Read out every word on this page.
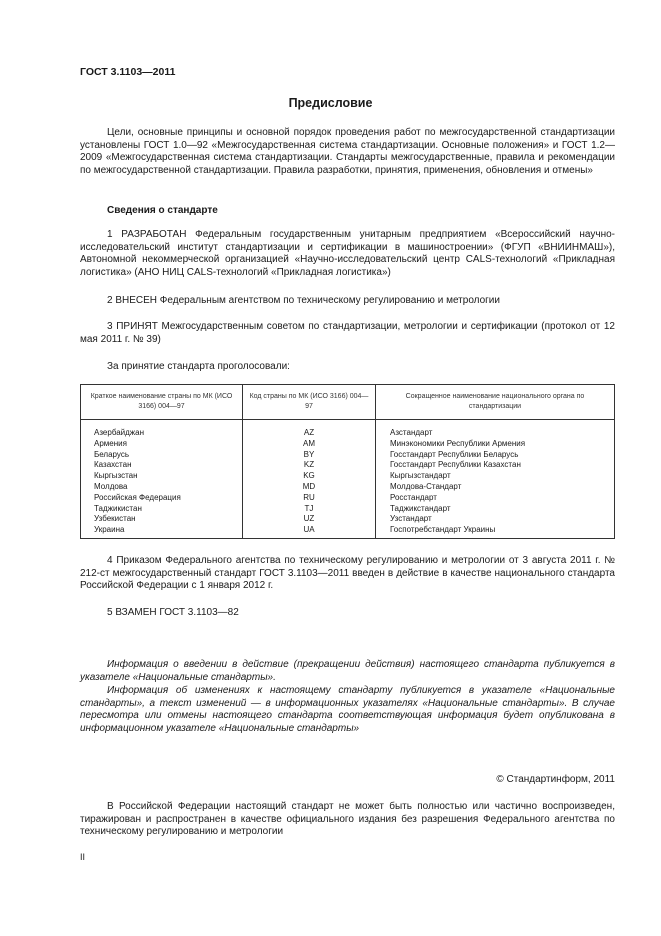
ГОСТ 3.1103—2011
Предисловие
Цели, основные принципы и основной порядок проведения работ по межгосударственной стандартизации установлены ГОСТ 1.0—92 «Межгосударственная система стандартизации. Основные положения» и ГОСТ 1.2—2009 «Межгосударственная система стандартизации. Стандарты межгосударственные, правила и рекомендации по межгосударственной стандартизации. Правила разработки, принятия, применения, обновления и отмены»
Сведения о стандарте
1 РАЗРАБОТАН Федеральным государственным унитарным предприятием «Всероссийский научно-исследовательский институт стандартизации и сертификации в машиностроении» (ФГУП «ВНИИНМАШ»), Автономной некоммерческой организацией «Научно-исследовательский центр CALS-технологий «Прикладная логистика» (АНО НИЦ CALS-технологий «Прикладная логистика»)
2 ВНЕСЕН Федеральным агентством по техническому регулированию и метрологии
3 ПРИНЯТ Межгосударственным советом по стандартизации, метрологии и сертификации (протокол от 12 мая 2011 г. № 39)
За принятие стандарта проголосовали:
Краткое наименование страны по МК (ИСО 3166) 004—97	Код страны по МК (ИСО 3166) 004—97	Сокращенное наименование национального органа по стандартизации
Азербайджан	AZ	Азстандарт
Армения	AM	Минэкономики Республики Армения
Беларусь	BY	Госстандарт Республики Беларусь
Казахстан	KZ	Госстандарт Республики Казахстан
Кыргызстан	KG	Кыргызстандарт
Молдова	MD	Молдова-Стандарт
Российская Федерация	RU	Росстандарт
Таджикистан	TJ	Таджикстандарт
Узбекистан	UZ	Узстандарт
Украина	UA	Госпотребстандарт Украины
4 Приказом Федерального агентства по техническому регулированию и метрологии от 3 августа 2011 г. № 212-ст межгосударственный стандарт ГОСТ 3.1103—2011 введен в действие в качестве национального стандарта Российской Федерации с 1 января 2012 г.
5 ВЗАМЕН ГОСТ 3.1103—82
Информация о введении в действие (прекращении действия) настоящего стандарта публикуется в указателе «Национальные стандарты».
Информация об изменениях к настоящему стандарту публикуется в указателе «Национальные стандарты», а текст изменений — в информационных указателях «Национальные стандарты». В случае пересмотра или отмены настоящего стандарта соответствующая информация будет опубликована в информационном указателе «Национальные стандарты»
© Стандартинформ, 2011
В Российской Федерации настоящий стандарт не может быть полностью или частично воспроизведен, тиражирован и распространен в качестве официального издания без разрешения Федерального агентства по техническому регулированию и метрологии
II
